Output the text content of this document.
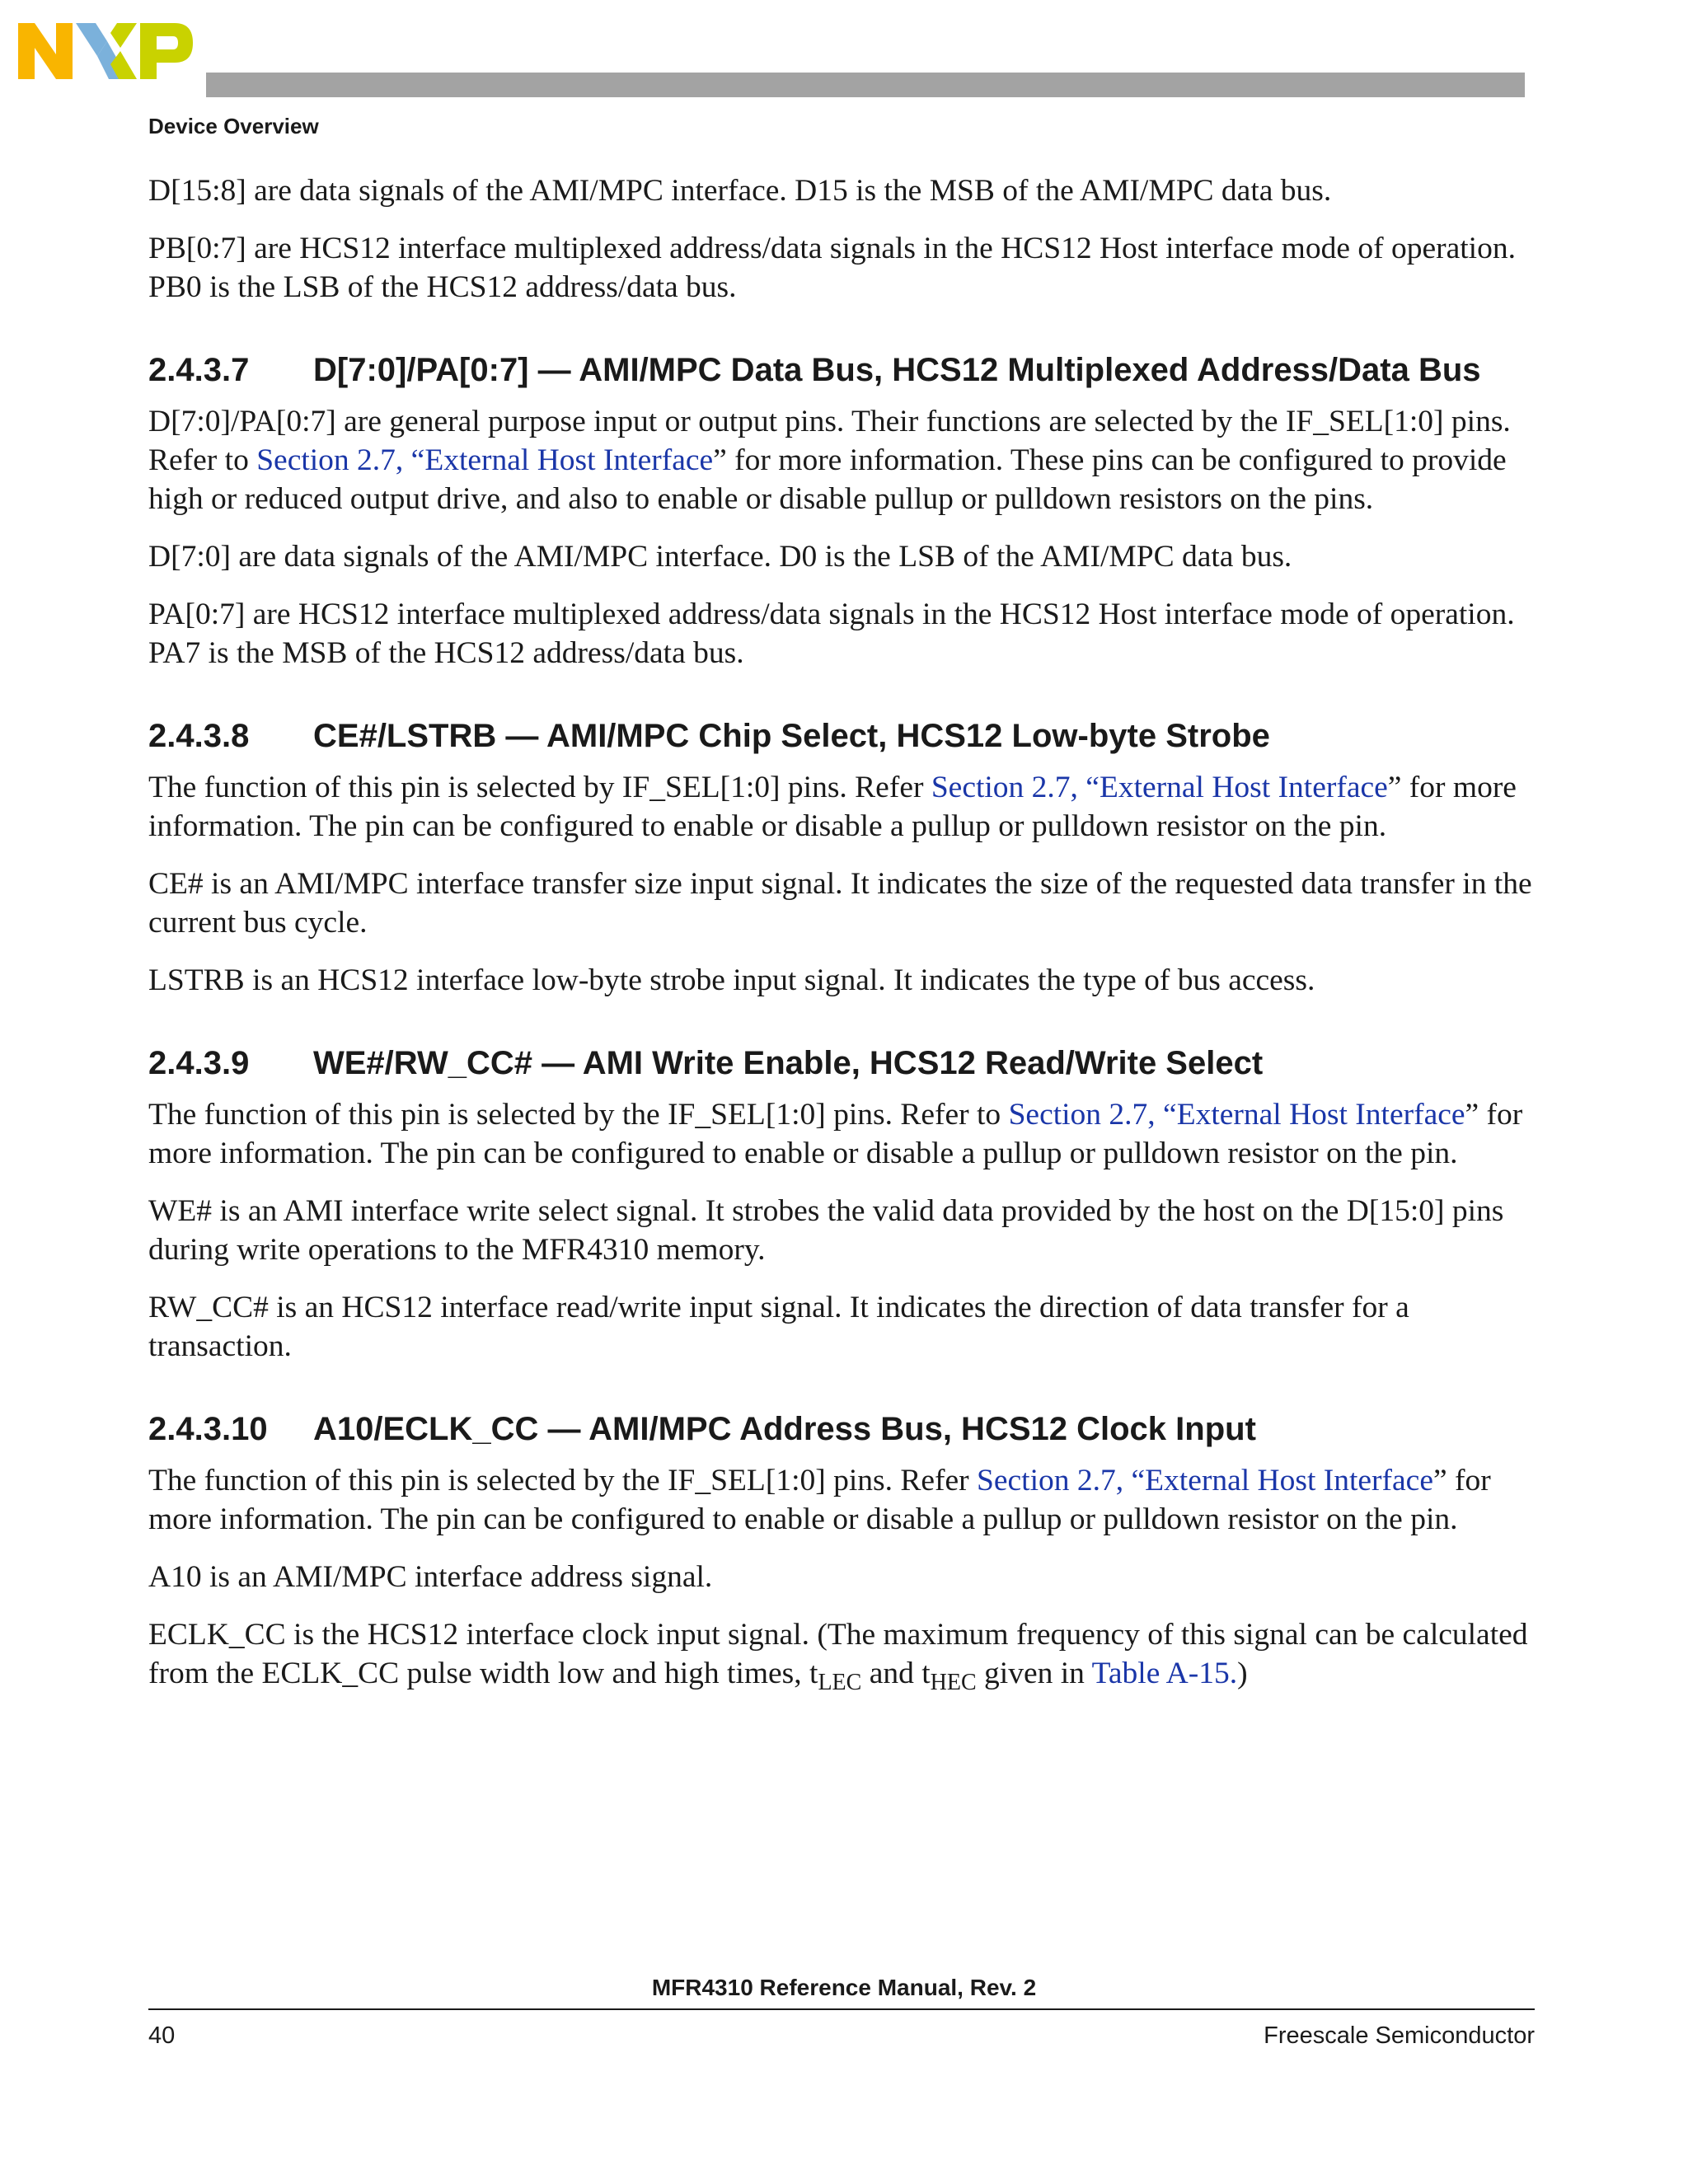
Device Overview

D[15:8] are data signals of the AMI/MPC interface. D15 is the MSB of the AMI/MPC data bus.

PB[0:7] are HCS12 interface multiplexed address/data signals in the HCS12 Host interface mode of operation. PB0 is the LSB of the HCS12 address/data bus.

2.4.3.7	D[7:0]/PA[0:7] — AMI/MPC Data Bus, HCS12 Multiplexed Address/Data Bus

D[7:0]/PA[0:7] are general purpose input or output pins. Their functions are selected by the IF_SEL[1:0] pins. Refer to Section 2.7, “External Host Interface” for more information. These pins can be configured to provide high or reduced output drive, and also to enable or disable pullup or pulldown resistors on the pins.

D[7:0] are data signals of the AMI/MPC interface. D0 is the LSB of the AMI/MPC data bus.

PA[0:7] are HCS12 interface multiplexed address/data signals in the HCS12 Host interface mode of operation. PA7 is the MSB of the HCS12 address/data bus.

2.4.3.8	CE#/LSTRB — AMI/MPC Chip Select, HCS12 Low-byte Strobe

The function of this pin is selected by IF_SEL[1:0] pins. Refer Section 2.7, “External Host Interface” for more information. The pin can be configured to enable or disable a pullup or pulldown resistor on the pin.

CE# is an AMI/MPC interface transfer size input signal. It indicates the size of the requested data transfer in the current bus cycle.

LSTRB is an HCS12 interface low-byte strobe input signal. It indicates the type of bus access.

2.4.3.9	WE#/RW_CC# — AMI Write Enable, HCS12 Read/Write Select

The function of this pin is selected by the IF_SEL[1:0] pins. Refer to Section 2.7, “External Host Interface” for more information. The pin can be configured to enable or disable a pullup or pulldown resistor on the pin.

WE# is an AMI interface write select signal. It strobes the valid data provided by the host on the D[15:0] pins during write operations to the MFR4310 memory.

RW_CC# is an HCS12 interface read/write input signal. It indicates the direction of data transfer for a transaction.

2.4.3.10	A10/ECLK_CC — AMI/MPC Address Bus, HCS12 Clock Input

The function of this pin is selected by the IF_SEL[1:0] pins. Refer Section 2.7, “External Host Interface” for more information. The pin can be configured to enable or disable a pullup or pulldown resistor on the pin.

A10 is an AMI/MPC interface address signal.

ECLK_CC is the HCS12 interface clock input signal. (The maximum frequency of this signal can be calculated from the ECLK_CC pulse width low and high times, $t_{LEC}$ and $t_{HEC}$ given in Table A-15.)

MFR4310 Reference Manual, Rev. 2
40	Freescale Semiconductor
